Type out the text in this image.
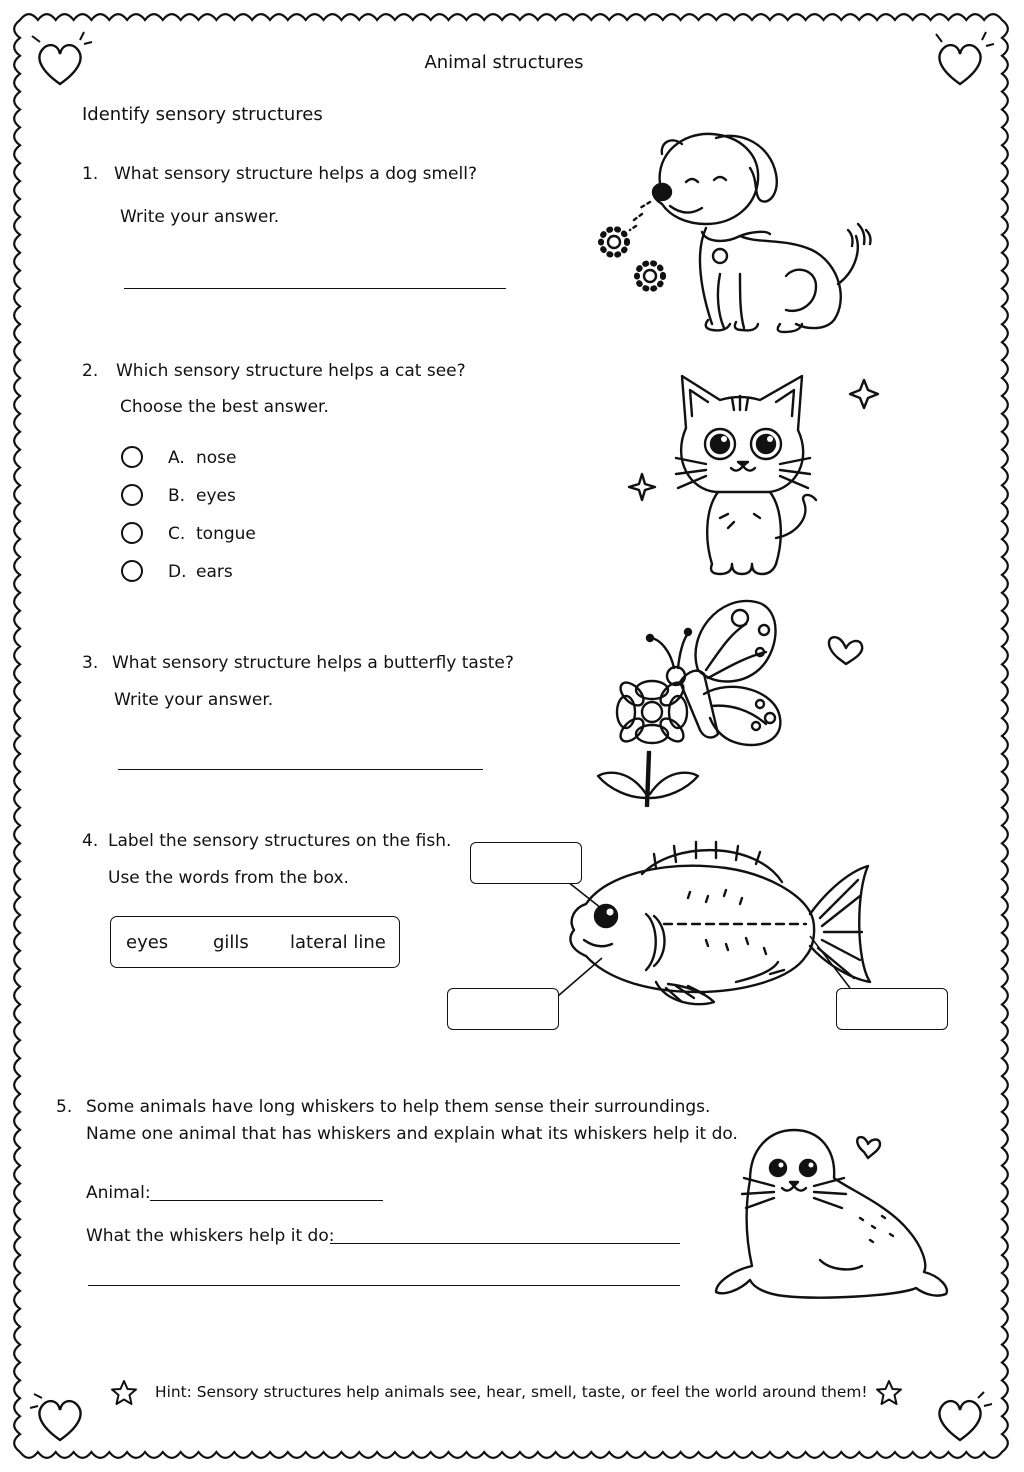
Animal structures
Identify sensory structures
1. What sensory structure helps a dog smell?
Write your answer.
2. Which sensory structure helps a cat see?
Choose the best answer.
A. nose
B. eyes
C. tongue
D. ears
3. What sensory structure helps a butterfly taste?
Write your answer.
4. Label the sensory structures on the fish.
Use the words from the box.
eyes gills lateral line
5. Some animals have long whiskers to help them sense their surroundings.
Name one animal that has whiskers and explain what its whiskers help it do.
Animal:
What the whiskers help it do:
Hint: Sensory structures help animals see, hear, smell, taste, or feel the world around them!
